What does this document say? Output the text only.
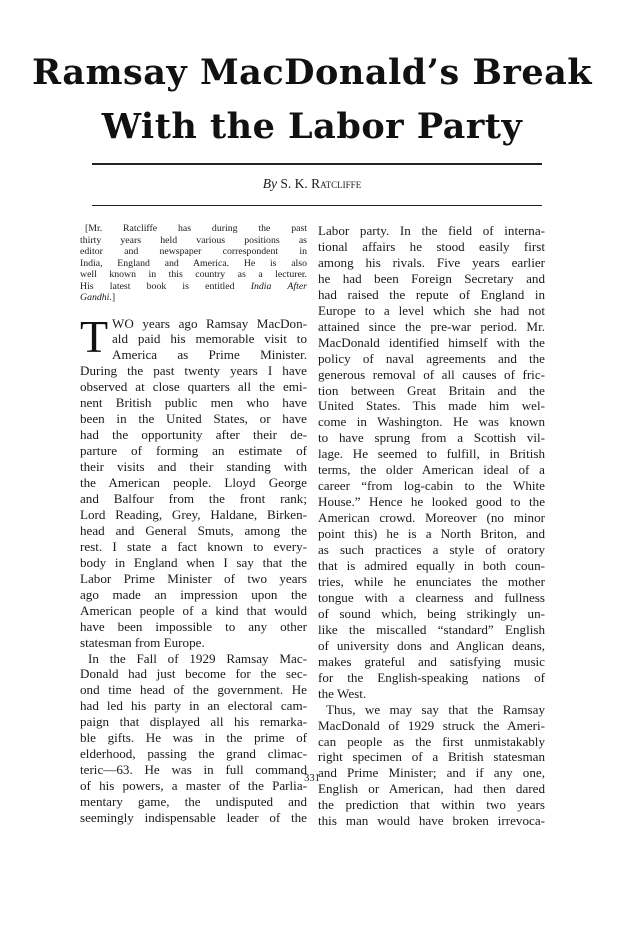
Ramsay MacDonald’s Break
With the Labor Party
By S. K. Ratcliffe
[Mr. Ratcliffe has during the past
thirty years held various positions as
editor and newspaper correspondent in
India, England and America. He is also
well known in this country as a lecturer.
His latest book is entitled India After
Gandhi.]
T WO years ago Ramsay MacDon-
ald paid his memorable visit to
America as Prime Minister.
During the past twenty years I have
observed at close quarters all the emi-
nent British public men who have
been in the United States, or have
had the opportunity after their de-
parture of forming an estimate of
their visits and their standing with
the American people. Lloyd George
and Balfour from the front rank;
Lord Reading, Grey, Haldane, Birken-
head and General Smuts, among the
rest. I state a fact known to every-
body in England when I say that the
Labor Prime Minister of two years
ago made an impression upon the
American people of a kind that would
have been impossible to any other
statesman from Europe.
In the Fall of 1929 Ramsay Mac-
Donald had just become for the sec-
ond time head of the government. He
had led his party in an electoral cam-
paign that displayed all his remarka-
ble gifts. He was in the prime of
elderhood, passing the grand climac-
teric—63. He was in full command
of his powers, a master of the Parlia-
mentary game, the undisputed and
seemingly indispensable leader of the
Labor party. In the field of interna-
tional affairs he stood easily first
among his rivals. Five years earlier
he had been Foreign Secretary and
had raised the repute of England in
Europe to a level which she had not
attained since the pre-war period. Mr.
MacDonald identified himself with the
policy of naval agreements and the
generous removal of all causes of fric-
tion between Great Britain and the
United States. This made him wel-
come in Washington. He was known
to have sprung from a Scottish vil-
lage. He seemed to fulfill, in British
terms, the older American ideal of a
career “from log-cabin to the White
House.” Hence he looked good to the
American crowd. Moreover (no minor
point this) he is a North Briton, and
as such practices a style of oratory
that is admired equally in both coun-
tries, while he enunciates the mother
tongue with a clearness and fullness
of sound which, being strikingly un-
like the miscalled “standard” English
of university dons and Anglican deans,
makes grateful and satisfying music
for the English-speaking nations of
the West.
Thus, we may say that the Ramsay
MacDonald of 1929 struck the Ameri-
can people as the first unmistakably
right specimen of a British statesman
and Prime Minister; and if any one,
English or American, had then dared
the prediction that within two years
this man would have broken irrevoca-
331
